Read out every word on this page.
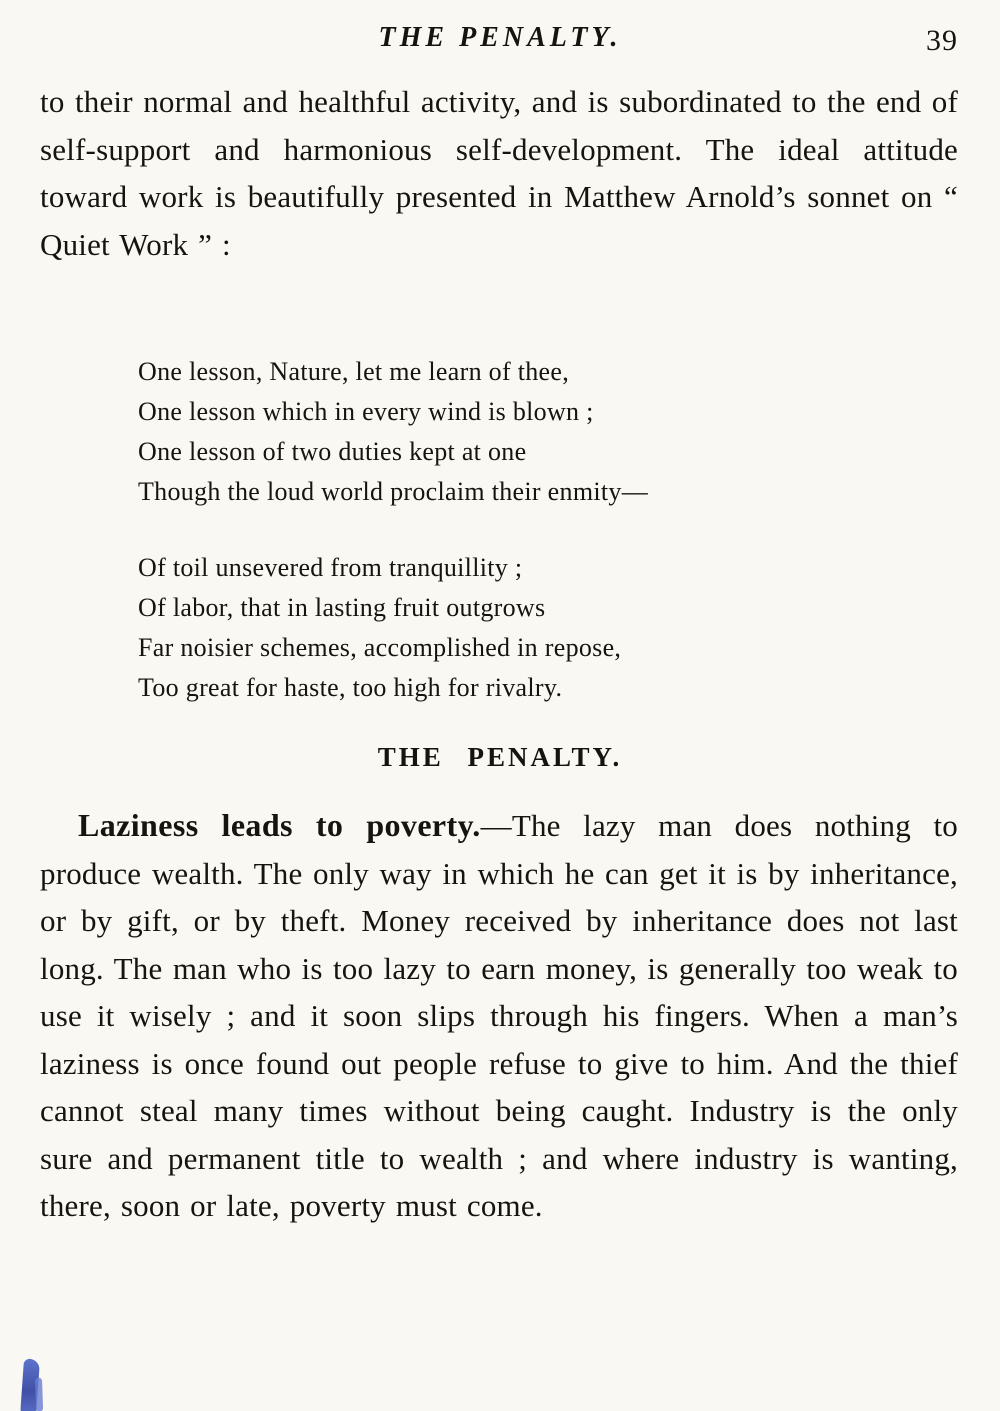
THE PENALTY.	39

to their normal and healthful activity, and is subordinated to the end of self-support and harmonious self-development. The ideal attitude toward work is beautifully presented in Matthew Arnold’s sonnet on “ Quiet Work ” :

One lesson, Nature, let me learn of thee,
One lesson which in every wind is blown ;
One lesson of two duties kept at one
Though the loud world proclaim their enmity—
Of toil unsevered from tranquillity ;
Of labor, that in lasting fruit outgrows
Far noisier schemes, accomplished in repose,
Too great for haste, too high for rivalry.
THE PENALTY.

Laziness leads to poverty.—The lazy man does nothing to produce wealth. The only way in which he can get it is by inheritance, or by gift, or by theft. Money received by inheritance does not last long. The man who is too lazy to earn money, is generally too weak to use it wisely ; and it soon slips through his fingers. When a man’s laziness is once found out people refuse to give to him. And the thief cannot steal many times without being caught. Industry is the only sure and permanent title to wealth ; and where industry is wanting, there, soon or late, poverty must come.
